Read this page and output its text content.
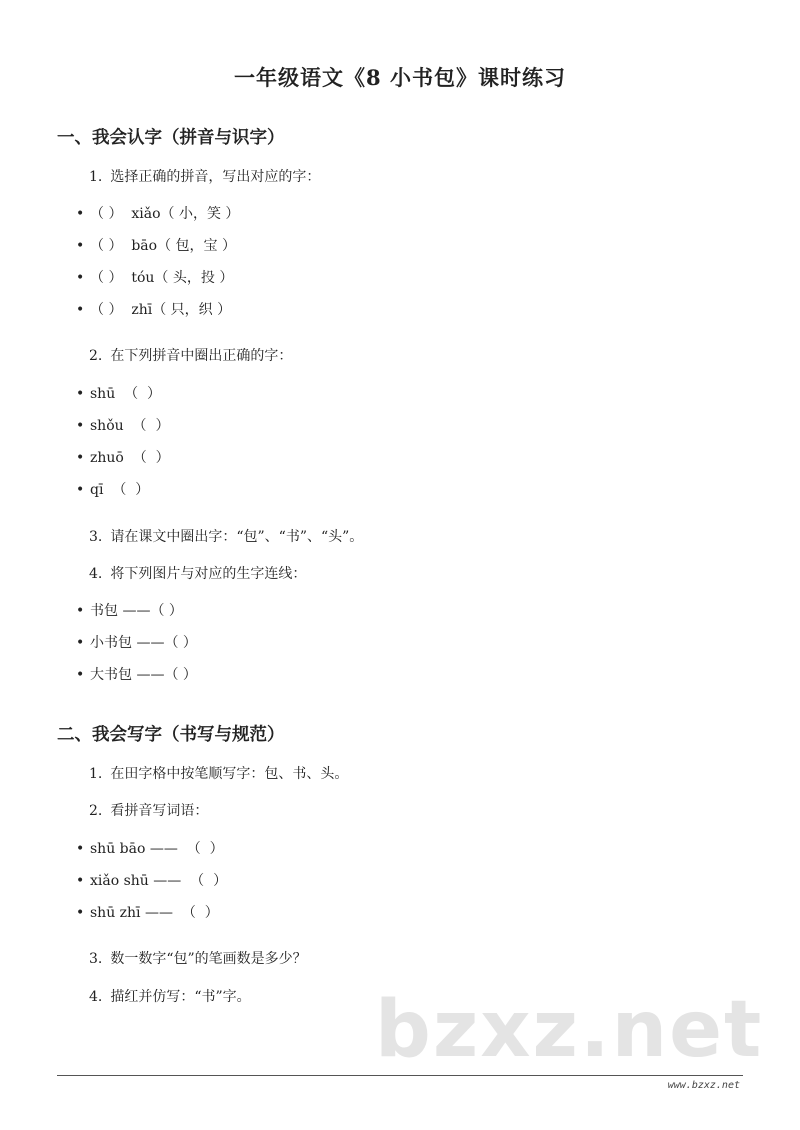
一年级语文《8 小书包》课时练习
一、我会认字（拼音与识字）
1. 选择正确的拼音，写出对应的字：
• （ ）  xiǎo（ 小，笑 ）
• （ ）  bāo（ 包，宝 ）
• （ ）  tóu（ 头，投 ）
• （ ）  zhī（ 只，织 ）
2. 在下列拼音中圈出正确的字：
• shū  （  ）
• shǒu  （  ）
• zhuō  （  ）
• qī  （  ）
3. 请在课文中圈出字：“包”、“书”、“头”。
4. 将下列图片与对应的生字连线：
• 书包 ——（ ）
• 小书包 ——（ ）
• 大书包 ——（ ）
二、我会写字（书写与规范）
1. 在田字格中按笔顺写字：包、书、头。
2. 看拼音写词语：
• shū bāo ——  （  ）
• xiǎo shū ——  （  ）
• shū zhī ——  （  ）
3. 数一数字“包”的笔画数是多少？
4. 描红并仿写：“书”字。 bzxz.net
www.bzxz.net
